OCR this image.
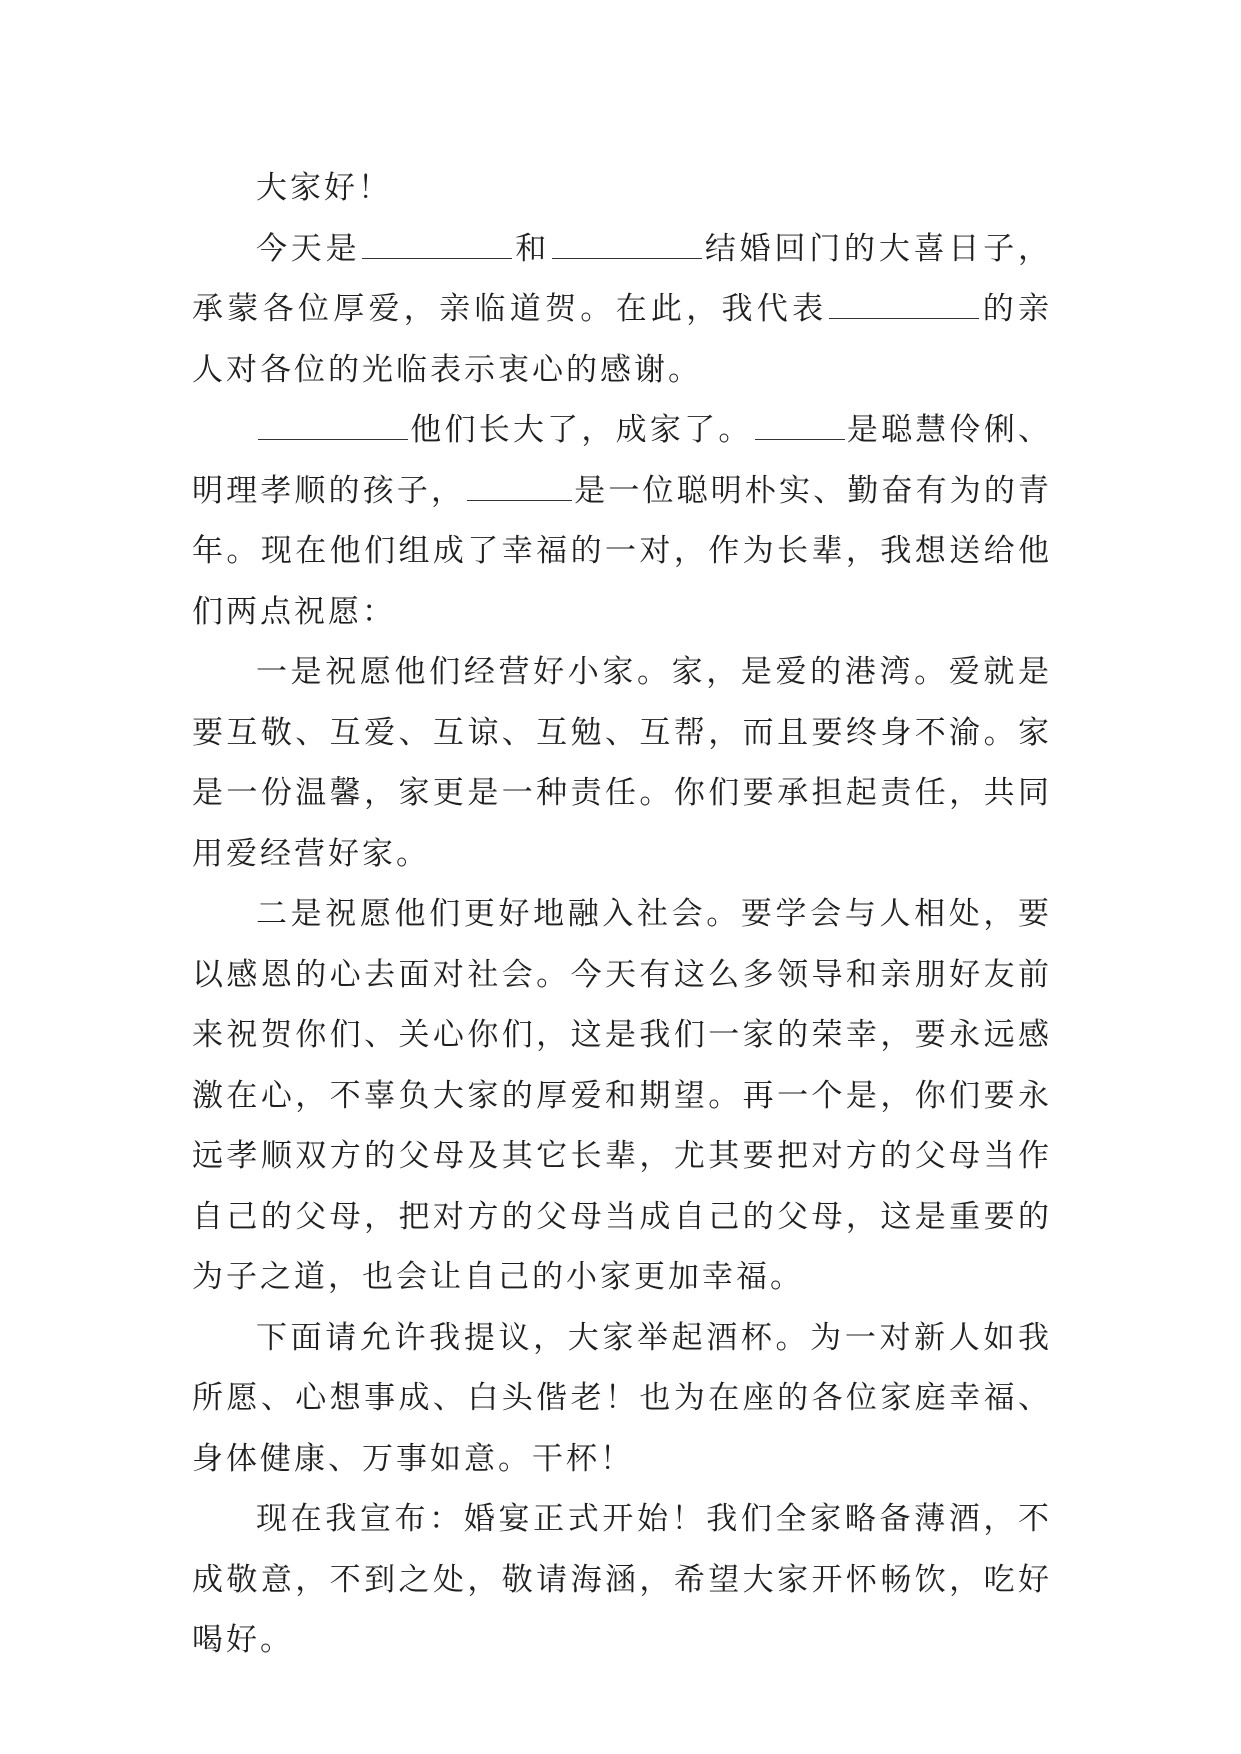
大家好！

今天是	和	结婚回门的大喜日子，承蒙各位厚爱，亲临道贺。在此，我代表	的亲人对各位的光临表示衷心的感谢。

他们长大了，成家了。	是聪慧伶俐、明理孝顺的孩子，	是一位聪明朴实、勤奋有为的青年。现在他们组成了幸福的一对，作为长辈，我想送给他们两点祝愿：

一是祝愿他们经营好小家。家，是爱的港湾。爱就是要互敬、互爱、互谅、互勉、互帮，而且要终身不渝。家是一份温馨，家更是一种责任。你们要承担起责任，共同用爱经营好家。

二是祝愿他们更好地融入社会。要学会与人相处，要以感恩的心去面对社会。今天有这么多领导和亲朋好友前来祝贺你们、关心你们，这是我们一家的荣幸，要永远感激在心，不辜负大家的厚爱和期望。再一个是，你们要永远孝顺双方的父母及其它长辈，尤其要把对方的父母当作自己的父母，把对方的父母当成自己的父母，这是重要的为子之道，也会让自己的小家更加幸福。

下面请允许我提议，大家举起酒杯。为一对新人如我所愿、心想事成、白头偕老！也为在座的各位家庭幸福、身体健康、万事如意。干杯！

现在我宣布：婚宴正式开始！我们全家略备薄酒，不成敬意，不到之处，敬请海涵，希望大家开怀畅饮，吃好喝好。
